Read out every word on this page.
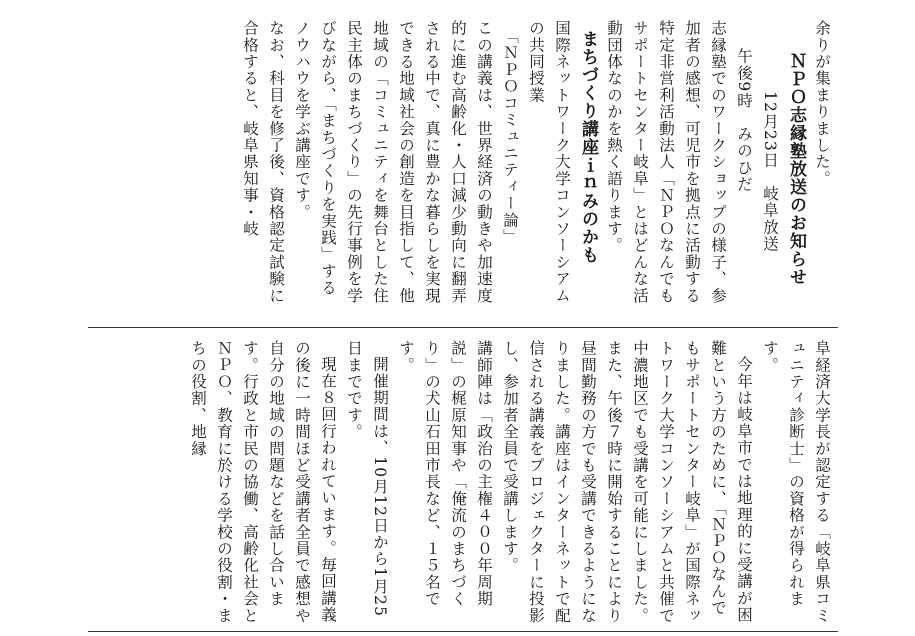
余りが集まりました。

ＮＰＯ志縁塾放送のお知らせ

12月23日　岐阜放送

午後9時　みのひだ

志縁塾でのワークショップの様子、参加者の感想、可児市を拠点に活動する特定非営利活動法人「ＮＰＯなんでもサポートセンター岐阜」とはどんな活動団体なのかを熱く語ります。

まちづくり講座ｉｎみのかも

国際ネットワーク大学コンソーシアムの共同授業

「ＮＰＯコミュニティー論」

この講義は、世界経済の動きや加速度的に進む高齢化・人口減少動向に翻弄される中で、真に豊かな暮らしを実現できる地域社会の創造を目指して、他地域の「コミュニティを舞台とした住民主体のまちづくり」の先行事例を学びながら、「まちづくりを実践」するノウハウを学ぶ講座です。

なお、科目を修了後、資格認定試験に合格すると、岐阜県知事・岐

阜経済大学長が認定する「岐阜県コミュニティ診断士」の資格が得られます。

今年は岐阜市では地理的に受講が困難という方のために、「ＮＰＯなんでもサポートセンター岐阜」が国際ネットワーク大学コンソーシアムと共催で中濃地区でも受講を可能にしました。また、午後７時に開始することにより昼間勤務の方でも受講できるようになりました。講座はインターネットで配信される講義をプロジェクターに投影し、参加者全員で受講します。

講師陣は「政治の主権４００年周期説」の梶原知事や「俺流のまちづくり」の犬山石田市長など、１５名です。

開催期間は、10月12日から1月25日までです。

現在８回行われています。毎回講義の後に一時間ほど受講者全員で感想や自分の地域の問題などを話し合います。行政と市民の協働、高齢化社会とＮＰＯ、教育に於ける学校の役割・まちの役割、地縁
